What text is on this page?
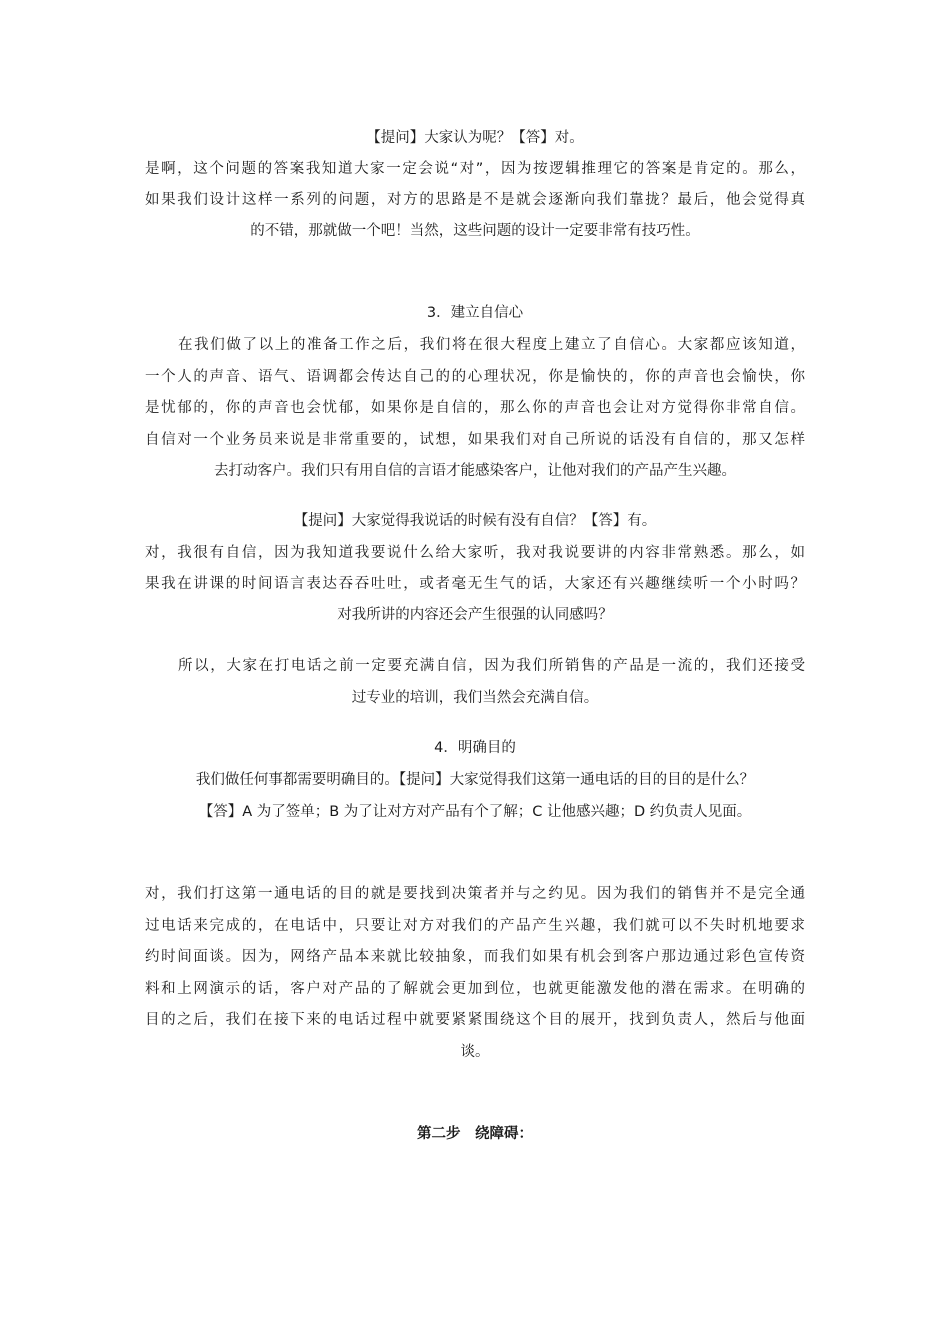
【提问】大家认为呢？【答】对。
是啊，这个问题的答案我知道大家一定会说“对”，因为按逻辑推理它的答案是肯定的。那么，
如果我们设计这样一系列的问题，对方的思路是不是就会逐渐向我们靠拢？最后，他会觉得真
的不错，那就做一个吧！当然，这些问题的设计一定要非常有技巧性。
3．建立自信心
在我们做了以上的准备工作之后，我们将在很大程度上建立了自信心。大家都应该知道，
一个人的声音、语气、语调都会传达自己的的心理状况，你是愉快的，你的声音也会愉快，你
是忧郁的，你的声音也会忧郁，如果你是自信的，那么你的声音也会让对方觉得你非常自信。
自信对一个业务员来说是非常重要的，试想，如果我们对自己所说的话没有自信的，那又怎样
去打动客户。我们只有用自信的言语才能感染客户，让他对我们的产品产生兴趣。
【提问】大家觉得我说话的时候有没有自信？【答】有。
对，我很有自信，因为我知道我要说什么给大家听，我对我说要讲的内容非常熟悉。那么，如
果我在讲课的时间语言表达吞吞吐吐，或者毫无生气的话，大家还有兴趣继续听一个小时吗？
对我所讲的内容还会产生很强的认同感吗？
所以，大家在打电话之前一定要充满自信，因为我们所销售的产品是一流的，我们还接受
过专业的培训，我们当然会充满自信。
4．明确目的
我们做任何事都需要明确目的。【提问】大家觉得我们这第一通电话的目的目的是什么？
【答】A 为了签单；B 为了让对方对产品有个了解；C 让他感兴趣；D 约负责人见面。
对，我们打这第一通电话的目的就是要找到决策者并与之约见。因为我们的销售并不是完全通
过电话来完成的，在电话中，只要让对方对我们的产品产生兴趣，我们就可以不失时机地要求
约时间面谈。因为，网络产品本来就比较抽象，而我们如果有机会到客户那边通过彩色宣传资
料和上网演示的话，客户对产品的了解就会更加到位，也就更能激发他的潜在需求。在明确的
目的之后，我们在接下来的电话过程中就要紧紧围绕这个目的展开，找到负责人，然后与他面
谈。
第二步　绕障碍：
